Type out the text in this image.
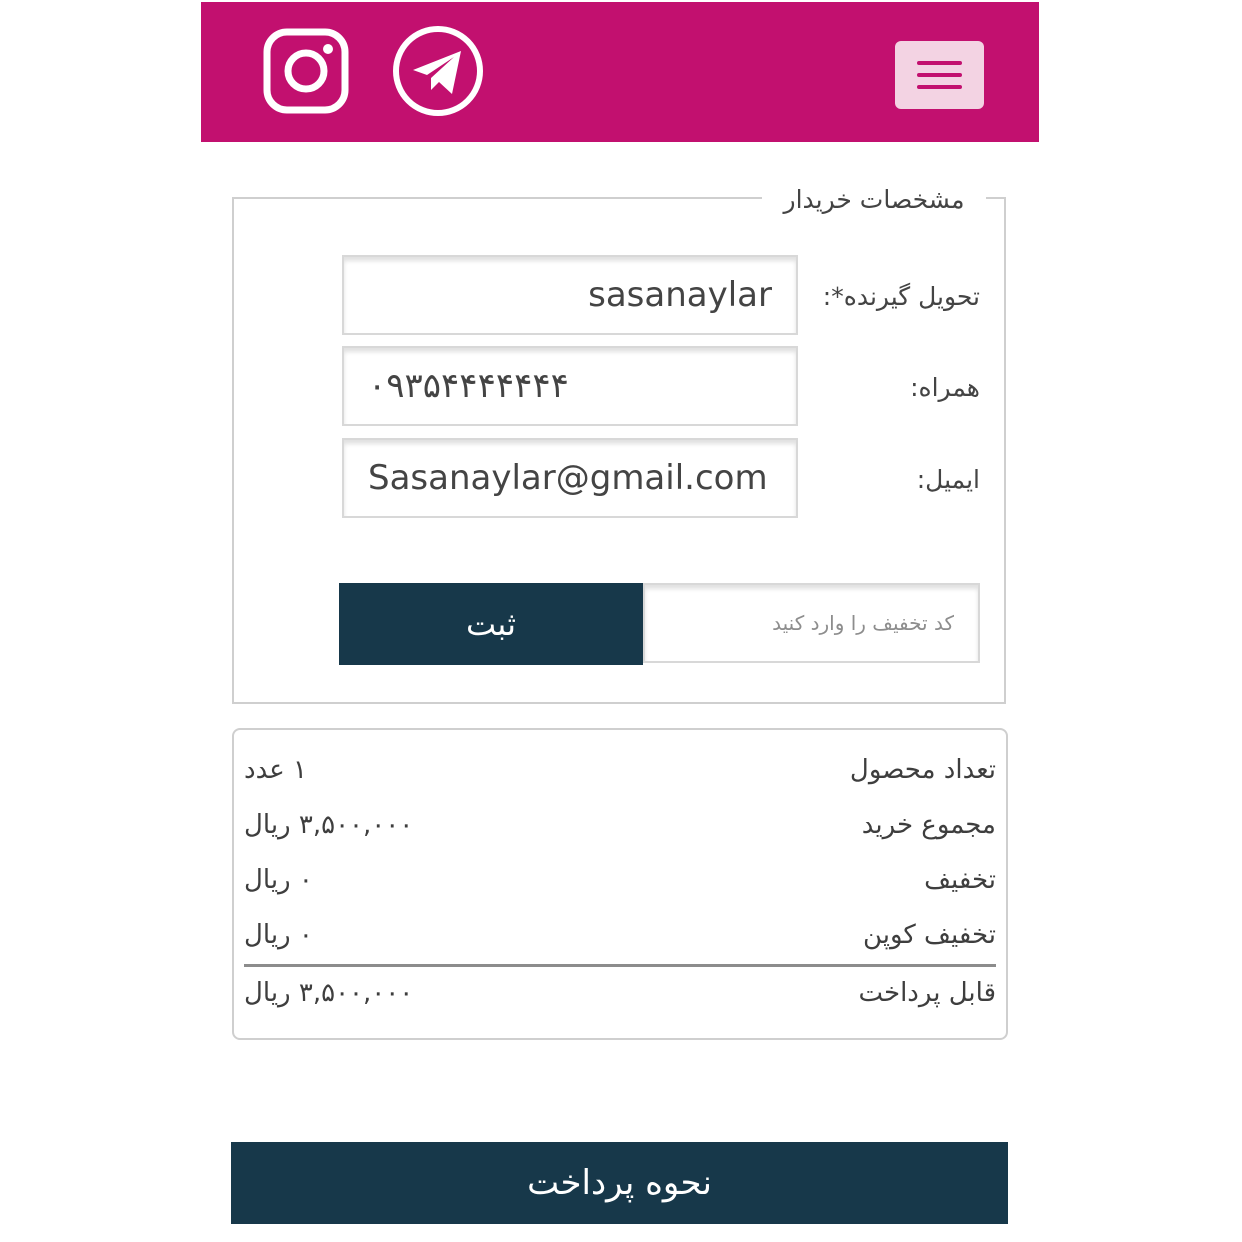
مشخصات خریدار
تحویل گیرنده*:
sasanaylar
همراه:
۰۹۳۵۴۴۴۴۴۴۴
ایمیل:
Sasanaylar@gmail.com
ثبت
کد تخفیف را وارد کنید
تعداد محصول
۱ عدد
مجموع خرید
۳,۵۰۰,۰۰۰ ریال
تخفیف
۰ ریال
تخفیف کوپن
۰ ریال
قابل پرداخت
۳,۵۰۰,۰۰۰ ریال
نحوه پرداخت
